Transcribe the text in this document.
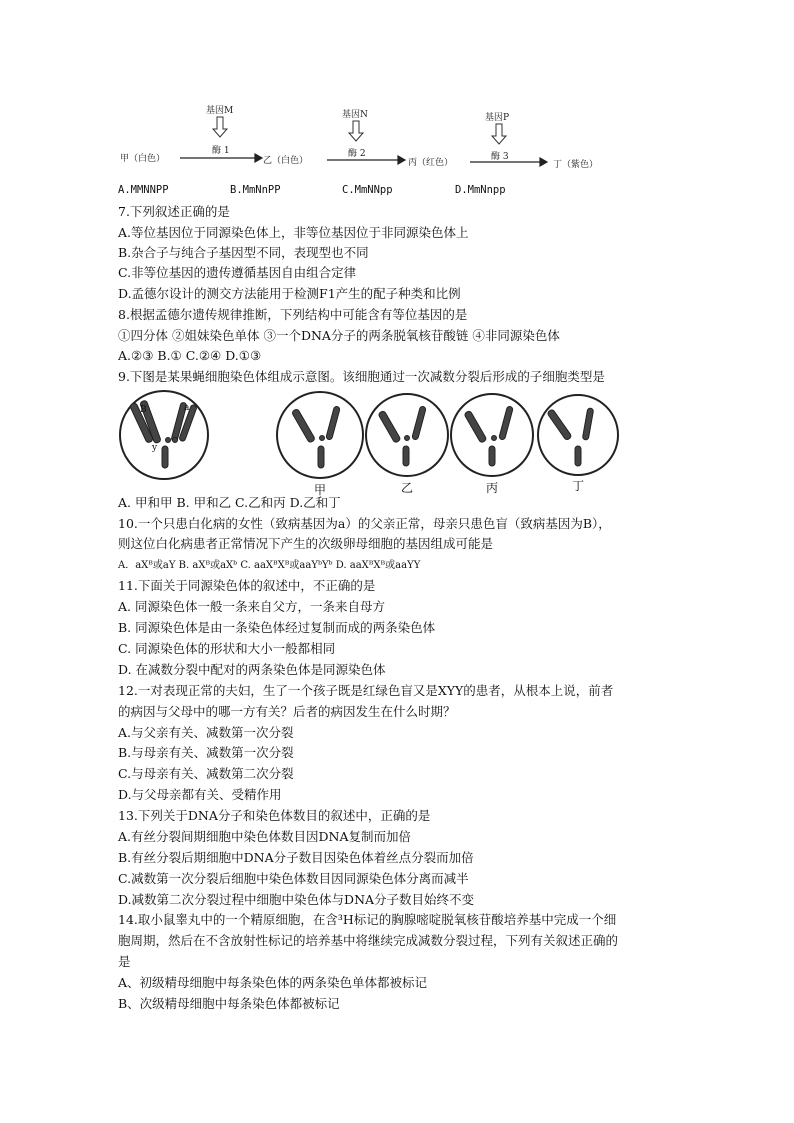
基因M	基因N	基因P
酶 1	酶 2	酶 3
甲（白色）	乙（白色）	丙（红色）	丁（紫色）
A.MMNNPP	B.MmNnPP	C.MmNNpp	D.MmNnpp
7.下列叙述正确的是
A.等位基因位于同源染色体上，非等位基因位于非同源染色体上
B.杂合子与纯合子基因型不同，表现型也不同
C.非等位基因的遗传遵循基因自由组合定律
D.孟德尔设计的测交方法能用于检测F1产生的配子种类和比例
8.根据孟德尔遗传规律推断，下列结构中可能含有等位基因的是
①四分体 ②姐妹染色单体 ③一个DNA分子的两条脱氧核苷酸链 ④非同源染色体
A.②③ B.① C.②④ D.①③
9.下图是某果蝇细胞染色体组成示意图。该细胞通过一次减数分裂后形成的子细胞类型是
B	a
y
甲	乙	丙	丁
A. 甲和甲 B. 甲和乙 C.乙和丙 D.乙和丁
10.一个只患白化病的女性（致病基因为a）的父亲正常，母亲只患色盲（致病基因为B），
则这位白化病患者正常情况下产生的次级卵母细胞的基因组成可能是
A．aXᴮ或aY B. aXᴮ或aXᵇ C. aaXᴮXᴮ或aaYᵇYᵇ D. aaXᴮXᴮ或aaYY
11.下面关于同源染色体的叙述中，不正确的是
A. 同源染色体一般一条来自父方，一条来自母方
B. 同源染色体是由一条染色体经过复制而成的两条染色体
C. 同源染色体的形状和大小一般都相同
D. 在减数分裂中配对的两条染色体是同源染色体
12.一对表现正常的夫妇，生了一个孩子既是红绿色盲又是XYY的患者，从根本上说，前者
的病因与父母中的哪一方有关？后者的病因发生在什么时期？
A.与父亲有关、减数第一次分裂
B.与母亲有关、减数第一次分裂
C.与母亲有关、减数第二次分裂
D.与父母亲都有关、受精作用
13.下列关于DNA分子和染色体数目的叙述中，正确的是
A.有丝分裂间期细胞中染色体数目因DNA复制而加倍
B.有丝分裂后期细胞中DNA分子数目因染色体着丝点分裂而加倍
C.减数第一次分裂后细胞中染色体数目因同源染色体分离而减半
D.减数第二次分裂过程中细胞中染色体与DNA分子数目始终不变
14.取小鼠睾丸中的一个精原细胞，在含³H标记的胸腺嘧啶脱氧核苷酸培养基中完成一个细
胞周期，然后在不含放射性标记的培养基中将继续完成减数分裂过程，下列有关叙述正确的
是
A、初级精母细胞中每条染色体的两条染色单体都被标记
B、次级精母细胞中每条染色体都被标记
